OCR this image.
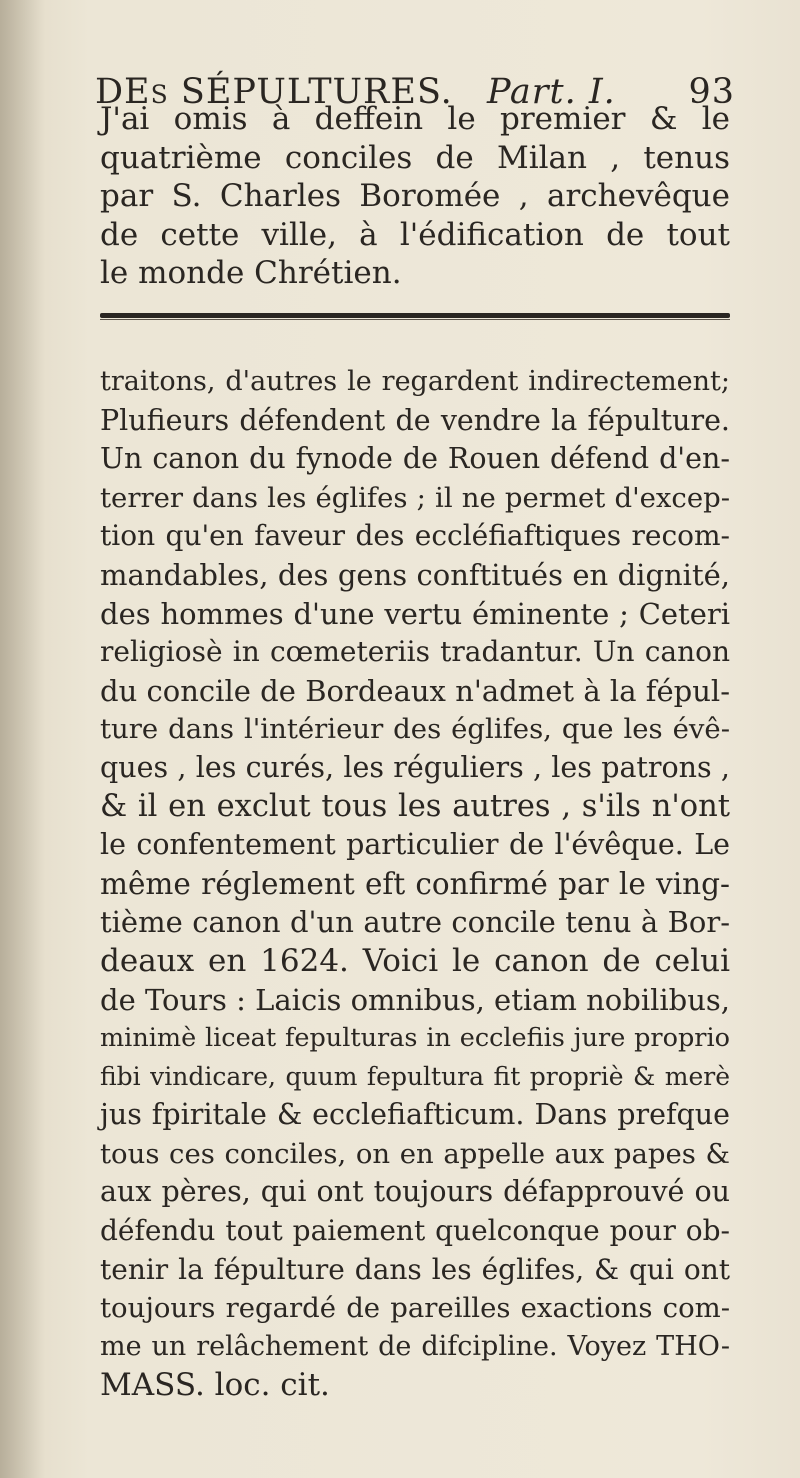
DEs SÉPULTURES. Part. I. 93
J'ai omis à deffein le premier & le
quatrième conciles de Milan , tenus
par S. Charles Boromée , archevêque
de cette ville, à l'édification de tout
le monde Chrétien.
traitons, d'autres le regardent indirectement;
Plufieurs défendent de vendre la fépulture.
Un canon du fynode de Rouen défend d'en-
terrer dans les églifes ; il ne permet d'excep-
tion qu'en faveur des eccléfiaftiques recom-
mandables, des gens conftitués en dignité,
des hommes d'une vertu éminente ; Ceteri
religiosè in cœmeteriis tradantur. Un canon
du concile de Bordeaux n'admet à la fépul-
ture dans l'intérieur des églifes, que les évê-
ques , les curés, les réguliers , les patrons ,
& il en exclut tous les autres , s'ils n'ont
le confentement particulier de l'évêque. Le
même réglement eft confirmé par le ving-
tième canon d'un autre concile tenu à Bor-
deaux en 1624. Voici le canon de celui
de Tours : Laicis omnibus, etiam nobilibus,
minimè liceat fepulturas in ecclefiis jure proprio
fibi vindicare, quum fepultura fit propriè & merè
jus fpiritale & ecclefiafticum. Dans prefque
tous ces conciles, on en appelle aux papes &
aux pères, qui ont toujours défapprouvé ou
défendu tout paiement quelconque pour ob-
tenir la fépulture dans les églifes, & qui ont
toujours regardé de pareilles exactions com-
me un relâchement de difcipline. Voyez THO-
MASS. loc. cit.
